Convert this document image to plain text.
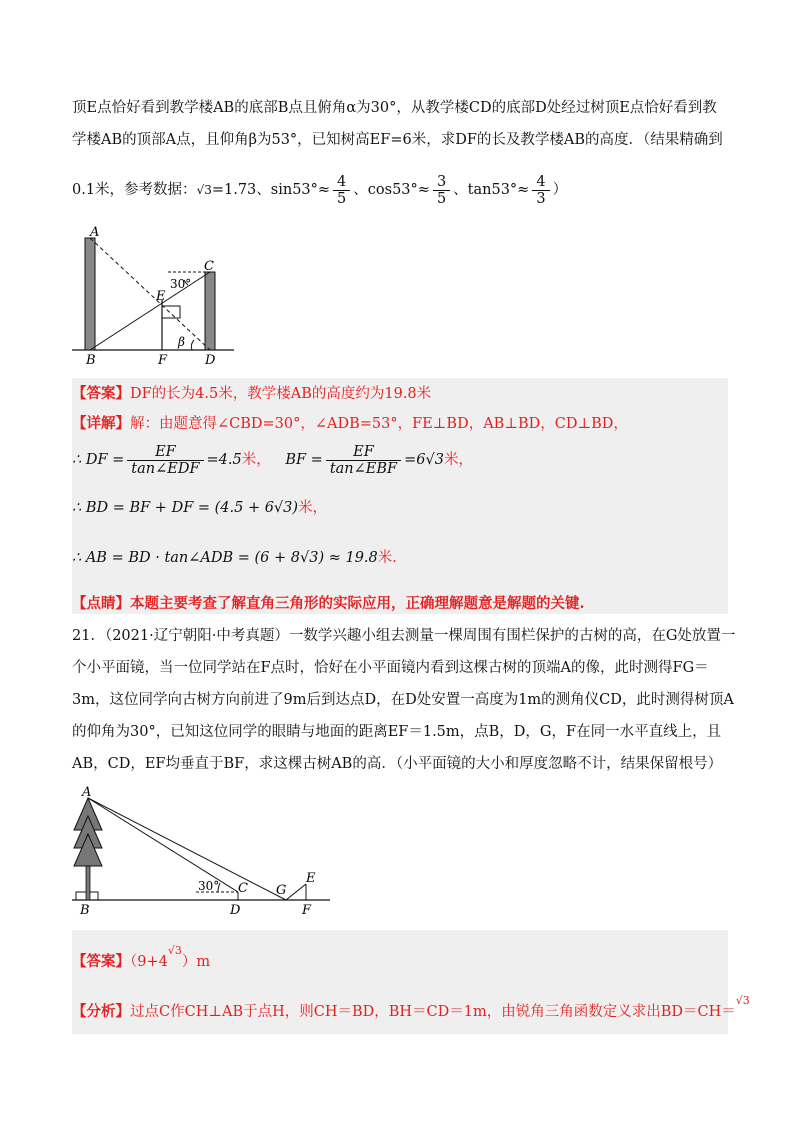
顶E点恰好看到教学楼AB的底部B点且俯角α为30°，从教学楼CD的底部D处经过树顶E点恰好看到教
学楼AB的顶部A点，且仰角β为53°，已知树高EF=6米，求DF的长及教学楼AB的高度．（结果精确到
0.1米，参考数据：√3=1.73、$\sin 53^\circ\approx \frac{4}{5}$ 、$\cos 53^\circ\approx \frac{3}{5}$ 、$\tan 53^\circ\approx \frac{4}{3}$ ）
A
C
30°
E
B	F	D
β
【答案】DF的长为4.5米，教学楼AB的高度约为19.8米
【详解】解：由题意得∠CBD=30°，∠ADB=53°，FE⊥BD，AB⊥BD，CD⊥BD，
∴ DF = $\frac{EF}{\text{tan∠EDF}} =4.5$米， BF = $\frac{EF}{\text{tan∠EBF}} =6√3$米，
∴ BD = BF + DF = (4.5 + 6√3)米，
∴ AB = BD · tan∠ADB = (6 + 8√3) ≈ 19.8米.
【点睛】本题主要考查了解直角三角形的实际应用，正确理解题意是解题的关键.
21．（2021·辽宁朝阳·中考真题）一数学兴趣小组去测量一棵周围有围栏保护的古树的高，在G处放置一
个小平面镜，当一位同学站在F点时，恰好在小平面镜内看到这棵古树的顶端A的像，此时测得FG＝
3m，这位同学向古树方向前进了9m后到达点D，在D处安置一高度为1m的测角仪CD，此时测得树顶A
的仰角为30°，已知这位同学的眼睛与地面的距离EF＝1.5m，点B，D，G，F在同一水平直线上，且
AB，CD，EF均垂直于BF，求这棵古树AB的高．（小平面镜的大小和厚度忽略不计，结果保留根号）
A
30° C G
E
B	D	F
【答案】$(9+4^{√3})m$
【分析】过点C作CH⊥AB于点H，则CH＝BD，BH＝CD＝1m，由锐角三角函数定义求出BD＝CH＝$^{√3}$
